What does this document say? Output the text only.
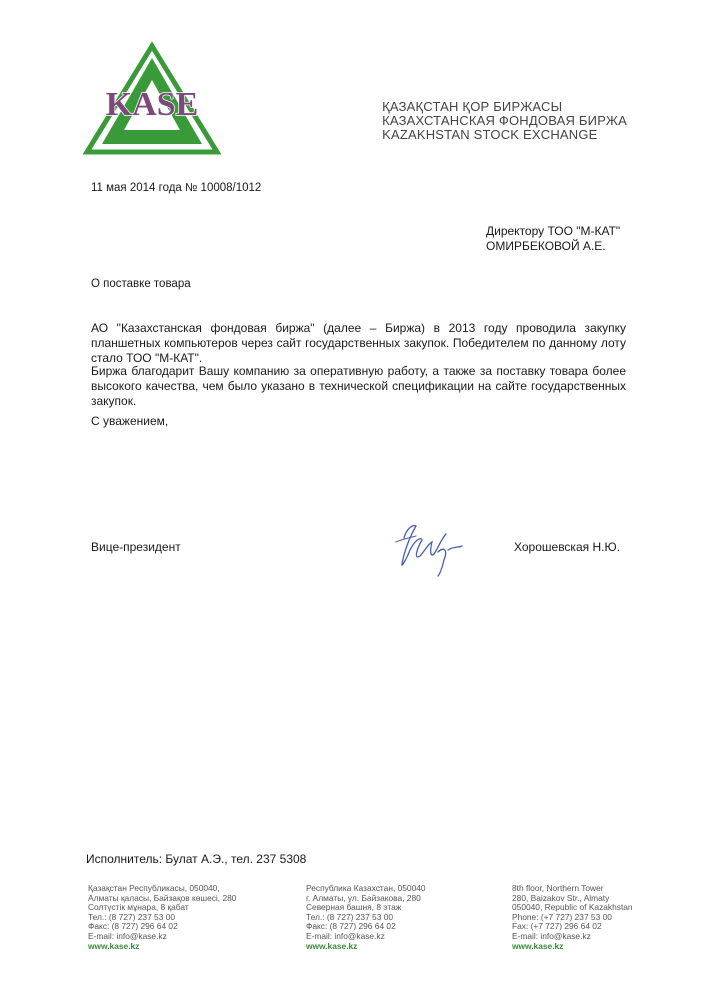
KASE	ҚАЗАҚСТАН ҚОР БИРЖАСЫ
КАЗАХСТАНСКАЯ ФОНДОВАЯ БИРЖА
KAZAKHSTAN STOCK EXCHANGE
11 мая 2014 года № 10008/1012
Директору ТОО "М-КАТ"
ОМИРБЕКОВОЙ А.Е.
О поставке товара
АО "Казахстанская фондовая биржа" (далее – Биржа) в 2013 году проводила закупку планшетных компьютеров через сайт государственных закупок. Победителем по данному лоту стало ТОО "М-КАТ".
Биржа благодарит Вашу компанию за оперативную работу, а также за поставку товара более высокого качества, чем было указано в технической спецификации на сайте государственных закупок.
С уважением,
Вице-президент	Хорошевская Н.Ю.
Исполнитель: Булат А.Э., тел. 237 5308
Қазақстан Республикасы, 050040,
Алматы қаласы, Байзақов көшесі, 280
Солтүстік мұнара, 8 қабат
Тел.: (8 727) 237 53 00
Факс: (8 727) 296 64 02
E-mail: info@kase.kz
www.kase.kz
Республика Казахстан, 050040
г. Алматы, ул. Байзакова, 280
Северная башня, 8 этаж
Тел.: (8 727) 237 53 00
Факс: (8 727) 296 64 02
E-mail: info@kase.kz
www.kase.kz
8th floor, Northern Tower
280, Baizakov Str., Almaty
050040, Republic of Kazakhstan
Phone: (+7 727) 237 53 00
Fax: (+7 727) 296 64 02
E-mail: info@kase.kz
www.kase.kz
